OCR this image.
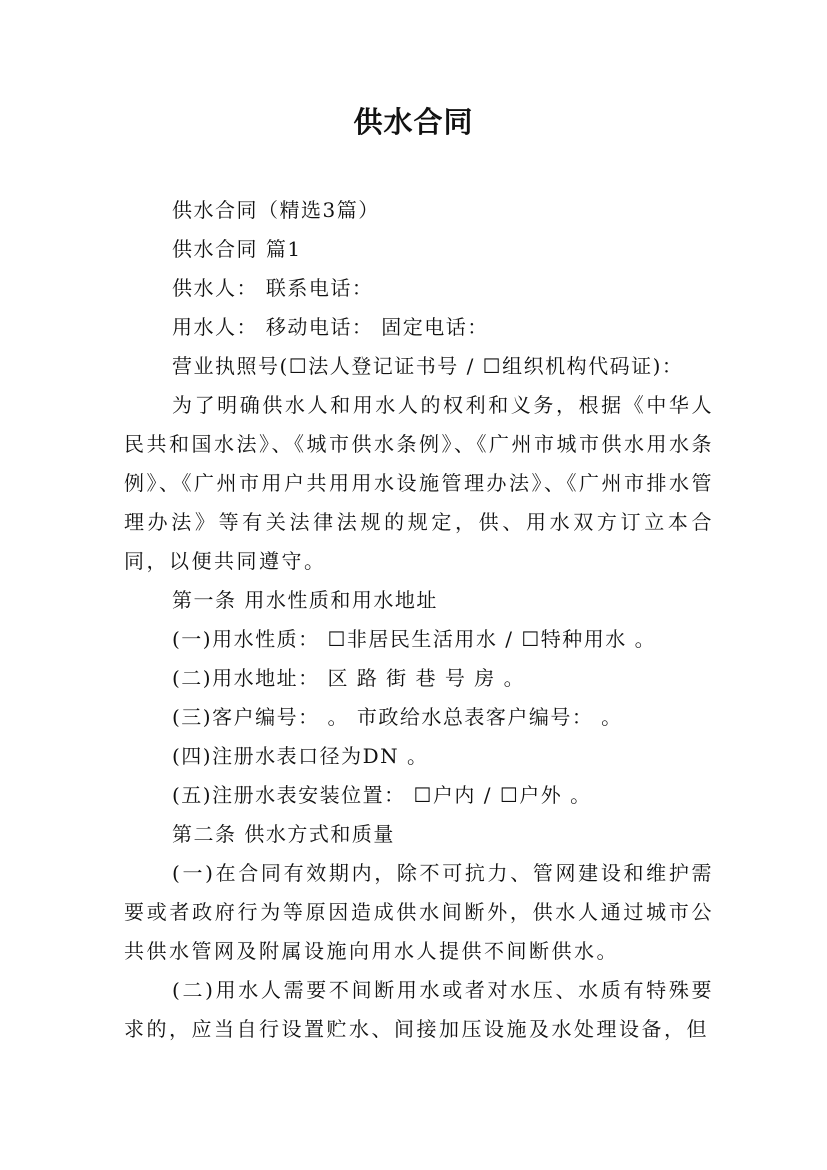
供水合同

供水合同（精选3篇）

供水合同 篇1

供水人： 联系电话：

用水人： 移动电话： 固定电话：

营业执照号(☐法人登记证书号 / ☐组织机构代码证)：

为了明确供水人和用水人的权利和义务，根据《中华人民共和国水法》、《城市供水条例》、《广州市城市供水用水条例》、《广州市用户共用用水设施管理办法》、《广州市排水管理办法》等有关法律法规的规定，供、用水双方订立本合同，以便共同遵守。

第一条 用水性质和用水地址

(一)用水性质： ☐非居民生活用水 / ☐特种用水 。

(二)用水地址： 区 路 街 巷 号 房 。

(三)客户编号： 。 市政给水总表客户编号： 。

(四)注册水表口径为DN 。

(五)注册水表安装位置： ☐户内 / ☐户外 。

第二条 供水方式和质量

(一)在合同有效期内，除不可抗力、管网建设和维护需要或者政府行为等原因造成供水间断外，供水人通过城市公共供水管网及附属设施向用水人提供不间断供水。

(二)用水人需要不间断用水或者对水压、水质有特殊要求的，应当自行设置贮水、间接加压设施及水处理设备，但
